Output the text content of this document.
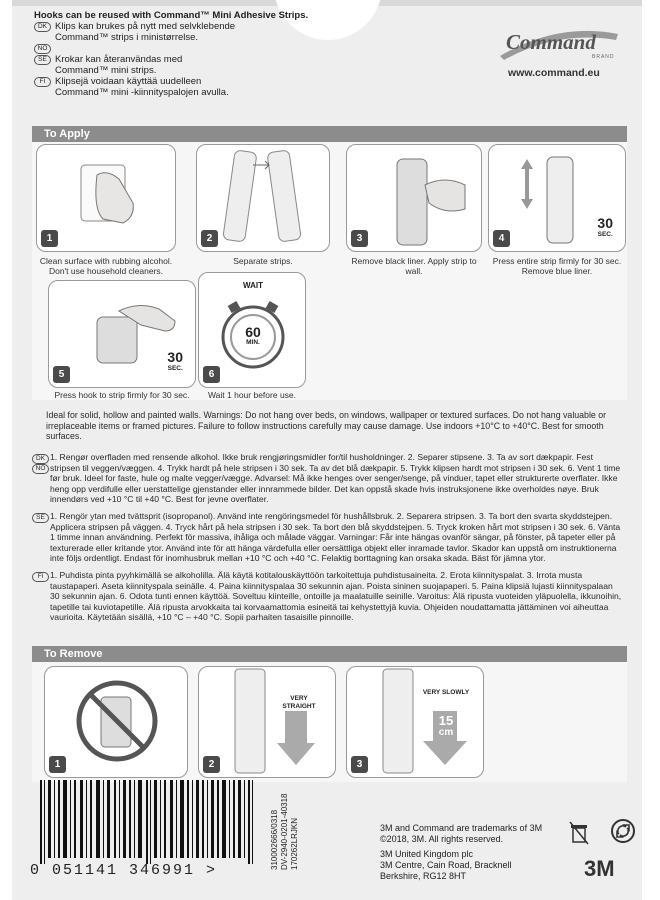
Hooks can be reused with Command™ Mini Adhesive Strips.
DK Klips kan brukes på nytt med selvklebende
Command™ strips i ministørrelse.
NO
SE Krokar kan återanvändas med
Command™ mini strips.
FI	Klipsejä voidaan käyttää uudelleen
Command™ mini -kiinnityspalojen avulla.
Command
BRAND
www.command.eu
To Apply
1
Clean surface with rubbing alcohol. Don't use household cleaners.
2
Separate strips.
3
Remove black liner. Apply strip to wall.
30
SEC.
4
Press entire strip firmly for 30 sec. Remove blue liner.
30
SEC.
5
Press hook to strip firmly for 30 sec.
WAIT
60
MIN.
6
Wait 1 hour before use.
Ideal for solid, hollow and painted walls. Warnings: Do not hang over beds, on windows, wallpaper or textured surfaces. Do not hang valuable or irreplaceable items or framed pictures. Failure to follow instructions carefully may cause damage. Use indoors +10°C to +40°C. Best for smooth surfaces.
DK 1. Rengør overfladen med rensende alkohol. Ikke bruk rengjøringsmidler for/til husholdninger. 2. Separer stipsene. 3. Ta av sort dækpapir. Fest stripsen til veggen/væggen. 4. Trykk hardt på hele stripsen i 30 sek. Ta av det blå dækpapir. 5. Trykk klipsen hardt mot stripsen i 30 sek. 6. Vent 1 time før bruk. Ideel for faste, hule og malte vegger/vægge. Advarsel: Må ikke henges over senger/senge, på vinduer, tapet eller strukturerte overflater. Ikke heng opp verdifulle eller uerstattelige gjenstander eller innrammede bilder. Det kan oppstå skade hvis instruksjonene ikke overholdes nøye. Bruk innendørs ved +10 °C til +40 °C. Best for jevne overflater.
NO
SE 1. Rengör ytan med tvättsprit (isopropanol). Använd inte rengöringsmedel för hushållsbruk. 2. Separera stripsen. 3. Ta bort den svarta skyddstejpen. Applicera stripsen på väggen. 4. Tryck hårt på hela stripsen i 30 sek. Ta bort den blå skyddstejpen. 5. Tryck kroken hårt mot stripsen i 30 sek. 6. Vänta 1 timme innan användning. Perfekt för massiva, ihåliga och målade väggar. Varningar: Får inte hängas ovanför sängar, på fönster, på tapeter eller på texturerade eller kritande ytor. Använd inte för att hänga värdefulla eller oersättliga objekt eller inramade tavlor. Skador kan uppstå om instruktionerna inte följs ordentligt. Endast för inomhusbruk mellan +10 °C och +40 °C. Felaktig borttagning kan orsaka skada. Bäst för jämna ytor.
FI 1. Puhdista pinta pyyhkimällä se alkoholilla. Älä käytä kotitalouskäyttöön tarkoitettuja puhdistusaineita. 2. Erota kiinnityspalat. 3. Irrota musta taustapaperi. Aseta kiinnityspala seinälle. 4. Paina kiinnityspalaa 30 sekunnin ajan. Poista sininen suojapaperi. 5. Paina klipsiä lujasti kiinnityspalaan 30 sekunnin ajan. 6. Odota tunti ennen käyttöä. Soveltuu kiinteille, ontoille ja maalatuille seinille. Varoitus: Älä ripusta vuoteiden yläpuolella, ikkunoihin, tapetille tai kuviotapetille. Älä ripusta arvokkaita tai korvaamattomia esineitä tai kehystettyjä kuvia. Ohjeiden noudattamatta jättäminen voi aiheuttaa vaurioita. Käytetään sisällä, +10 °C – +40 °C. Sopii parhaiten tasaisille pinnoille.
To Remove
1
VERY STRAIGHT
2
VERY SLOWLY
15
cm
3
0 051141 346991 >
310002666/0318 DV-2940-0201-40318 170262LRJKN	3M and Command are trademarks of 3M
©2018, 3M. All rights reserved.
3M United Kingdom plc
3M Centre, Cain Road, Bracknell
Berkshire, RG12 8HT	3M
